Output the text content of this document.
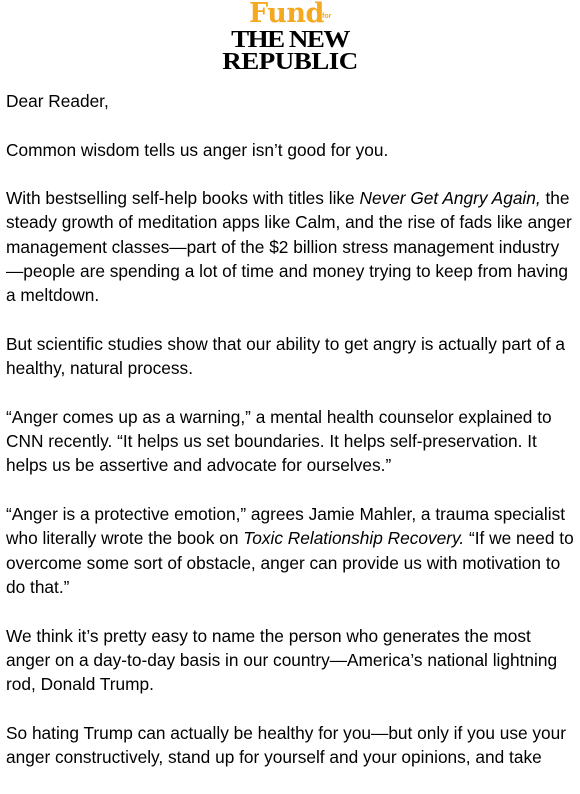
Fund
for
THE NEW
REPUBLIC

Dear Reader,

Common wisdom tells us anger isn’t good for you.

With bestselling self-help books with titles like Never Get Angry Again, the steady growth of meditation apps like Calm, and the rise of fads like anger management classes—part of the $2 billion stress management industry—people are spending a lot of time and money trying to keep from having a meltdown.

But scientific studies show that our ability to get angry is actually part of a healthy, natural process.

“Anger comes up as a warning,” a mental health counselor explained to CNN recently. “It helps us set boundaries. It helps self-preservation. It helps us be assertive and advocate for ourselves.”

“Anger is a protective emotion,” agrees Jamie Mahler, a trauma specialist who literally wrote the book on Toxic Relationship Recovery. “If we need to overcome some sort of obstacle, anger can provide us with motivation to do that.”

We think it’s pretty easy to name the person who generates the most anger on a day-to-day basis in our country—America’s national lightning rod, Donald Trump.

So hating Trump can actually be healthy for you—but only if you use your anger constructively, stand up for yourself and your opinions, and take
